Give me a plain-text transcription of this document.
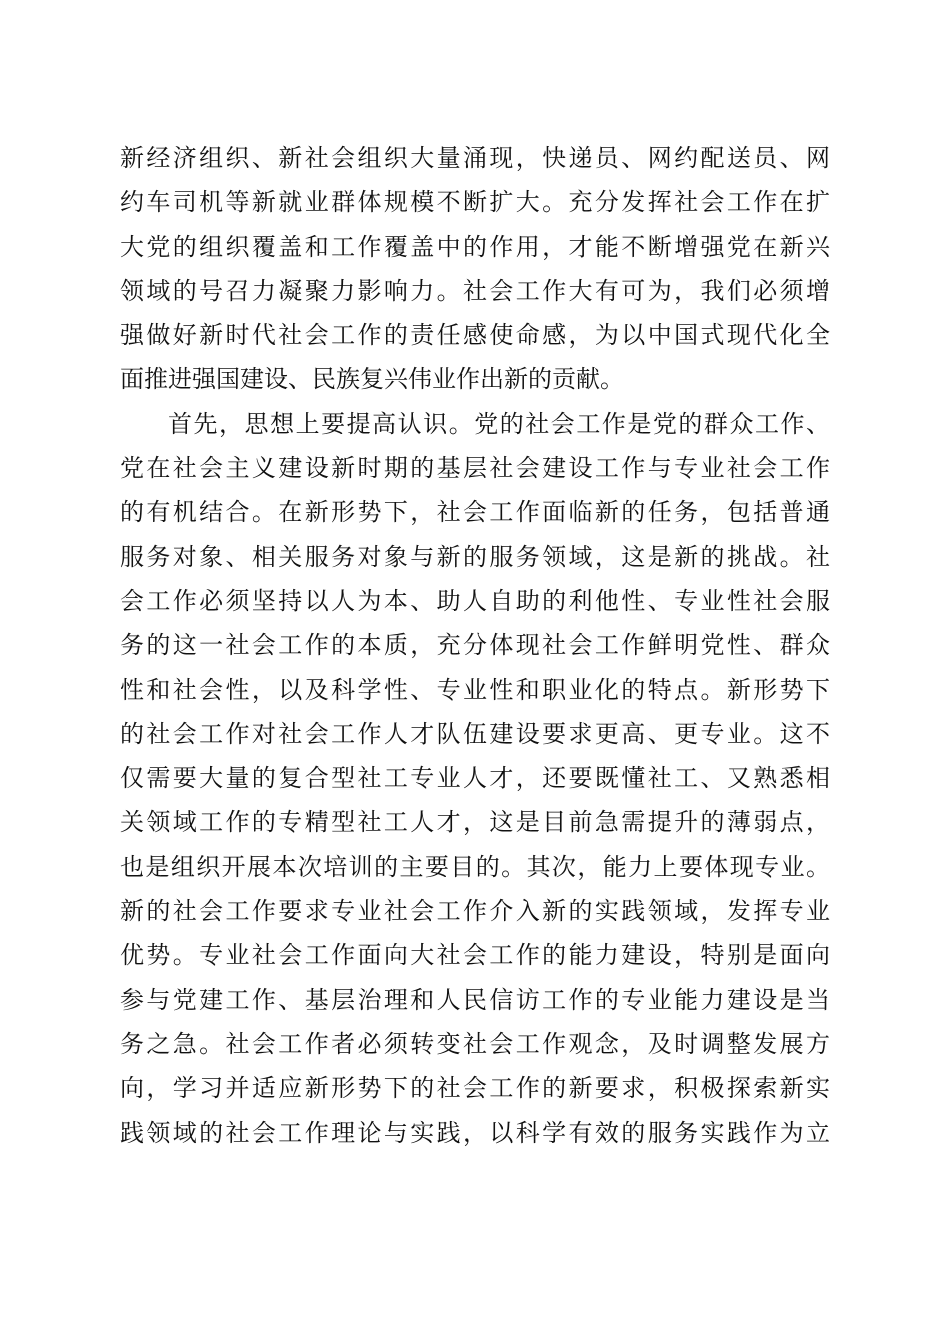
新经济组织、新社会组织大量涌现，快递员、网约配送员、网
约车司机等新就业群体规模不断扩大。充分发挥社会工作在扩
大党的组织覆盖和工作覆盖中的作用，才能不断增强党在新兴
领域的号召力凝聚力影响力。社会工作大有可为，我们必须增
强做好新时代社会工作的责任感使命感，为以中国式现代化全
面推进强国建设、民族复兴伟业作出新的贡献。
首先，思想上要提高认识。党的社会工作是党的群众工作、
党在社会主义建设新时期的基层社会建设工作与专业社会工作
的有机结合。在新形势下，社会工作面临新的任务，包括普通
服务对象、相关服务对象与新的服务领域，这是新的挑战。社
会工作必须坚持以人为本、助人自助的利他性、专业性社会服
务的这一社会工作的本质，充分体现社会工作鲜明党性、群众
性和社会性，以及科学性、专业性和职业化的特点。新形势下
的社会工作对社会工作人才队伍建设要求更高、更专业。这不
仅需要大量的复合型社工专业人才，还要既懂社工、又熟悉相
关领域工作的专精型社工人才，这是目前急需提升的薄弱点，
也是组织开展本次培训的主要目的。其次，能力上要体现专业。
新的社会工作要求专业社会工作介入新的实践领域，发挥专业
优势。专业社会工作面向大社会工作的能力建设，特别是面向
参与党建工作、基层治理和人民信访工作的专业能力建设是当
务之急。社会工作者必须转变社会工作观念，及时调整发展方
向，学习并适应新形势下的社会工作的新要求，积极探索新实
践领域的社会工作理论与实践，以科学有效的服务实践作为立
